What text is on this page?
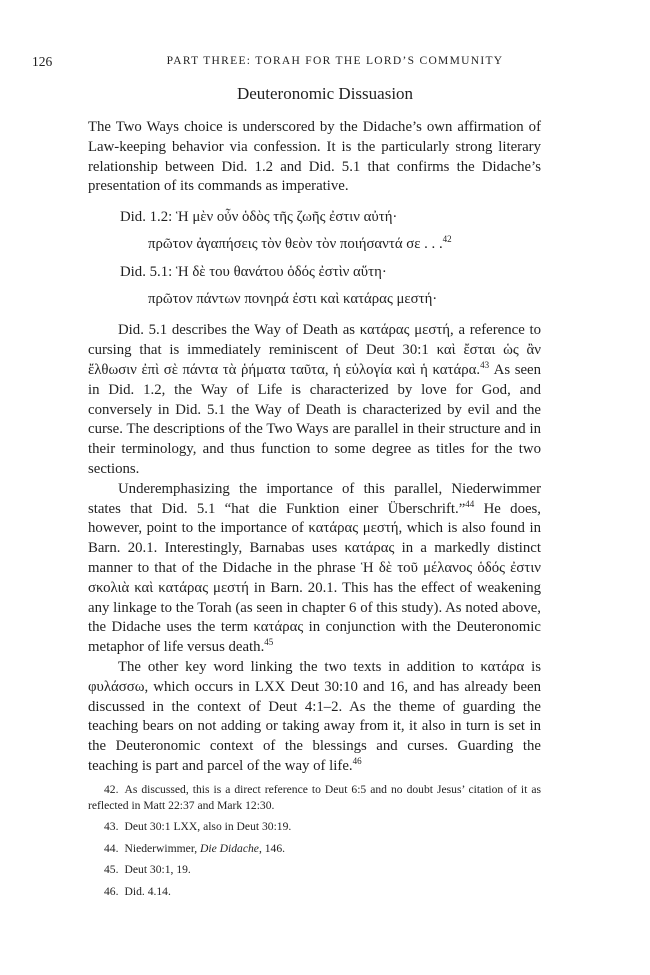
126	PART THREE: TORAH FOR THE LORD’S COMMUNITY
Deuteronomic Dissuasion

The Two Ways choice is underscored by the Didache’s own affirmation of Law-keeping behavior via confession. It is the particularly strong literary relationship between Did. 1.2 and Did. 5.1 that confirms the Didache’s presentation of its commands as imperative.

Did. 1.2: Ἡ μὲν οὖν ὁδὸς τῆς ζωῆς ἐστιν αὐτή·
πρῶτον ἀγαπήσεις τὸν θεὸν τὸν ποιήσαντά σε . . .$^{42}$
Did. 5.1: Ἡ δὲ του θανάτου ὁδός ἐστὶν αὕτη·
πρῶτον πάντων πονηρά ἐστι καὶ κατάρας μεστή·

Did. 5.1 describes the Way of Death as κατάρας μεστή, a reference to cursing that is immediately reminiscent of Deut 30:1 καὶ ἔσται ὡς ἂν ἔλθωσιν ἐπὶ σὲ πάντα τὰ ῥήματα ταῦτα, ἡ εὐλογία καὶ ἡ κατάρα.$^{43}$ As seen in Did. 1.2, the Way of Life is characterized by love for God, and conversely in Did. 5.1 the Way of Death is characterized by evil and the curse. The descriptions of the Two Ways are parallel in their structure and in their terminology, and thus function to some degree as titles for the two sections.

Underemphasizing the importance of this parallel, Niederwimmer states that Did. 5.1 “hat die Funktion einer Überschrift.”$^{44}$ He does, however, point to the importance of κατάρας μεστή, which is also found in Barn. 20.1. Interestingly, Barnabas uses κατάρας in a markedly distinct manner to that of the Didache in the phrase Ἡ δὲ τοῦ μέλανος ὁδός ἐστιν σκολιὰ καὶ κατάρας μεστή in Barn. 20.1. This has the effect of weakening any linkage to the Torah (as seen in chapter 6 of this study). As noted above, the Didache uses the term κατάρας in conjunction with the Deuteronomic metaphor of life versus death.$^{45}$

The other key word linking the two texts in addition to κατάρα is φυλάσσω, which occurs in LXX Deut 30:10 and 16, and has already been discussed in the context of Deut 4:1–2. As the theme of guarding the teaching bears on not adding or taking away from it, it also in turn is set in the Deuteronomic context of the blessings and curses. Guarding the teaching is part and parcel of the way of life.$^{46}$

42. As discussed, this is a direct reference to Deut 6:5 and no doubt Jesus’ citation of it as reflected in Matt 22:37 and Mark 12:30.
43. Deut 30:1 LXX, also in Deut 30:19.
44. Niederwimmer, Die Didache, 146.
45. Deut 30:1, 19.
46. Did. 4.14.
